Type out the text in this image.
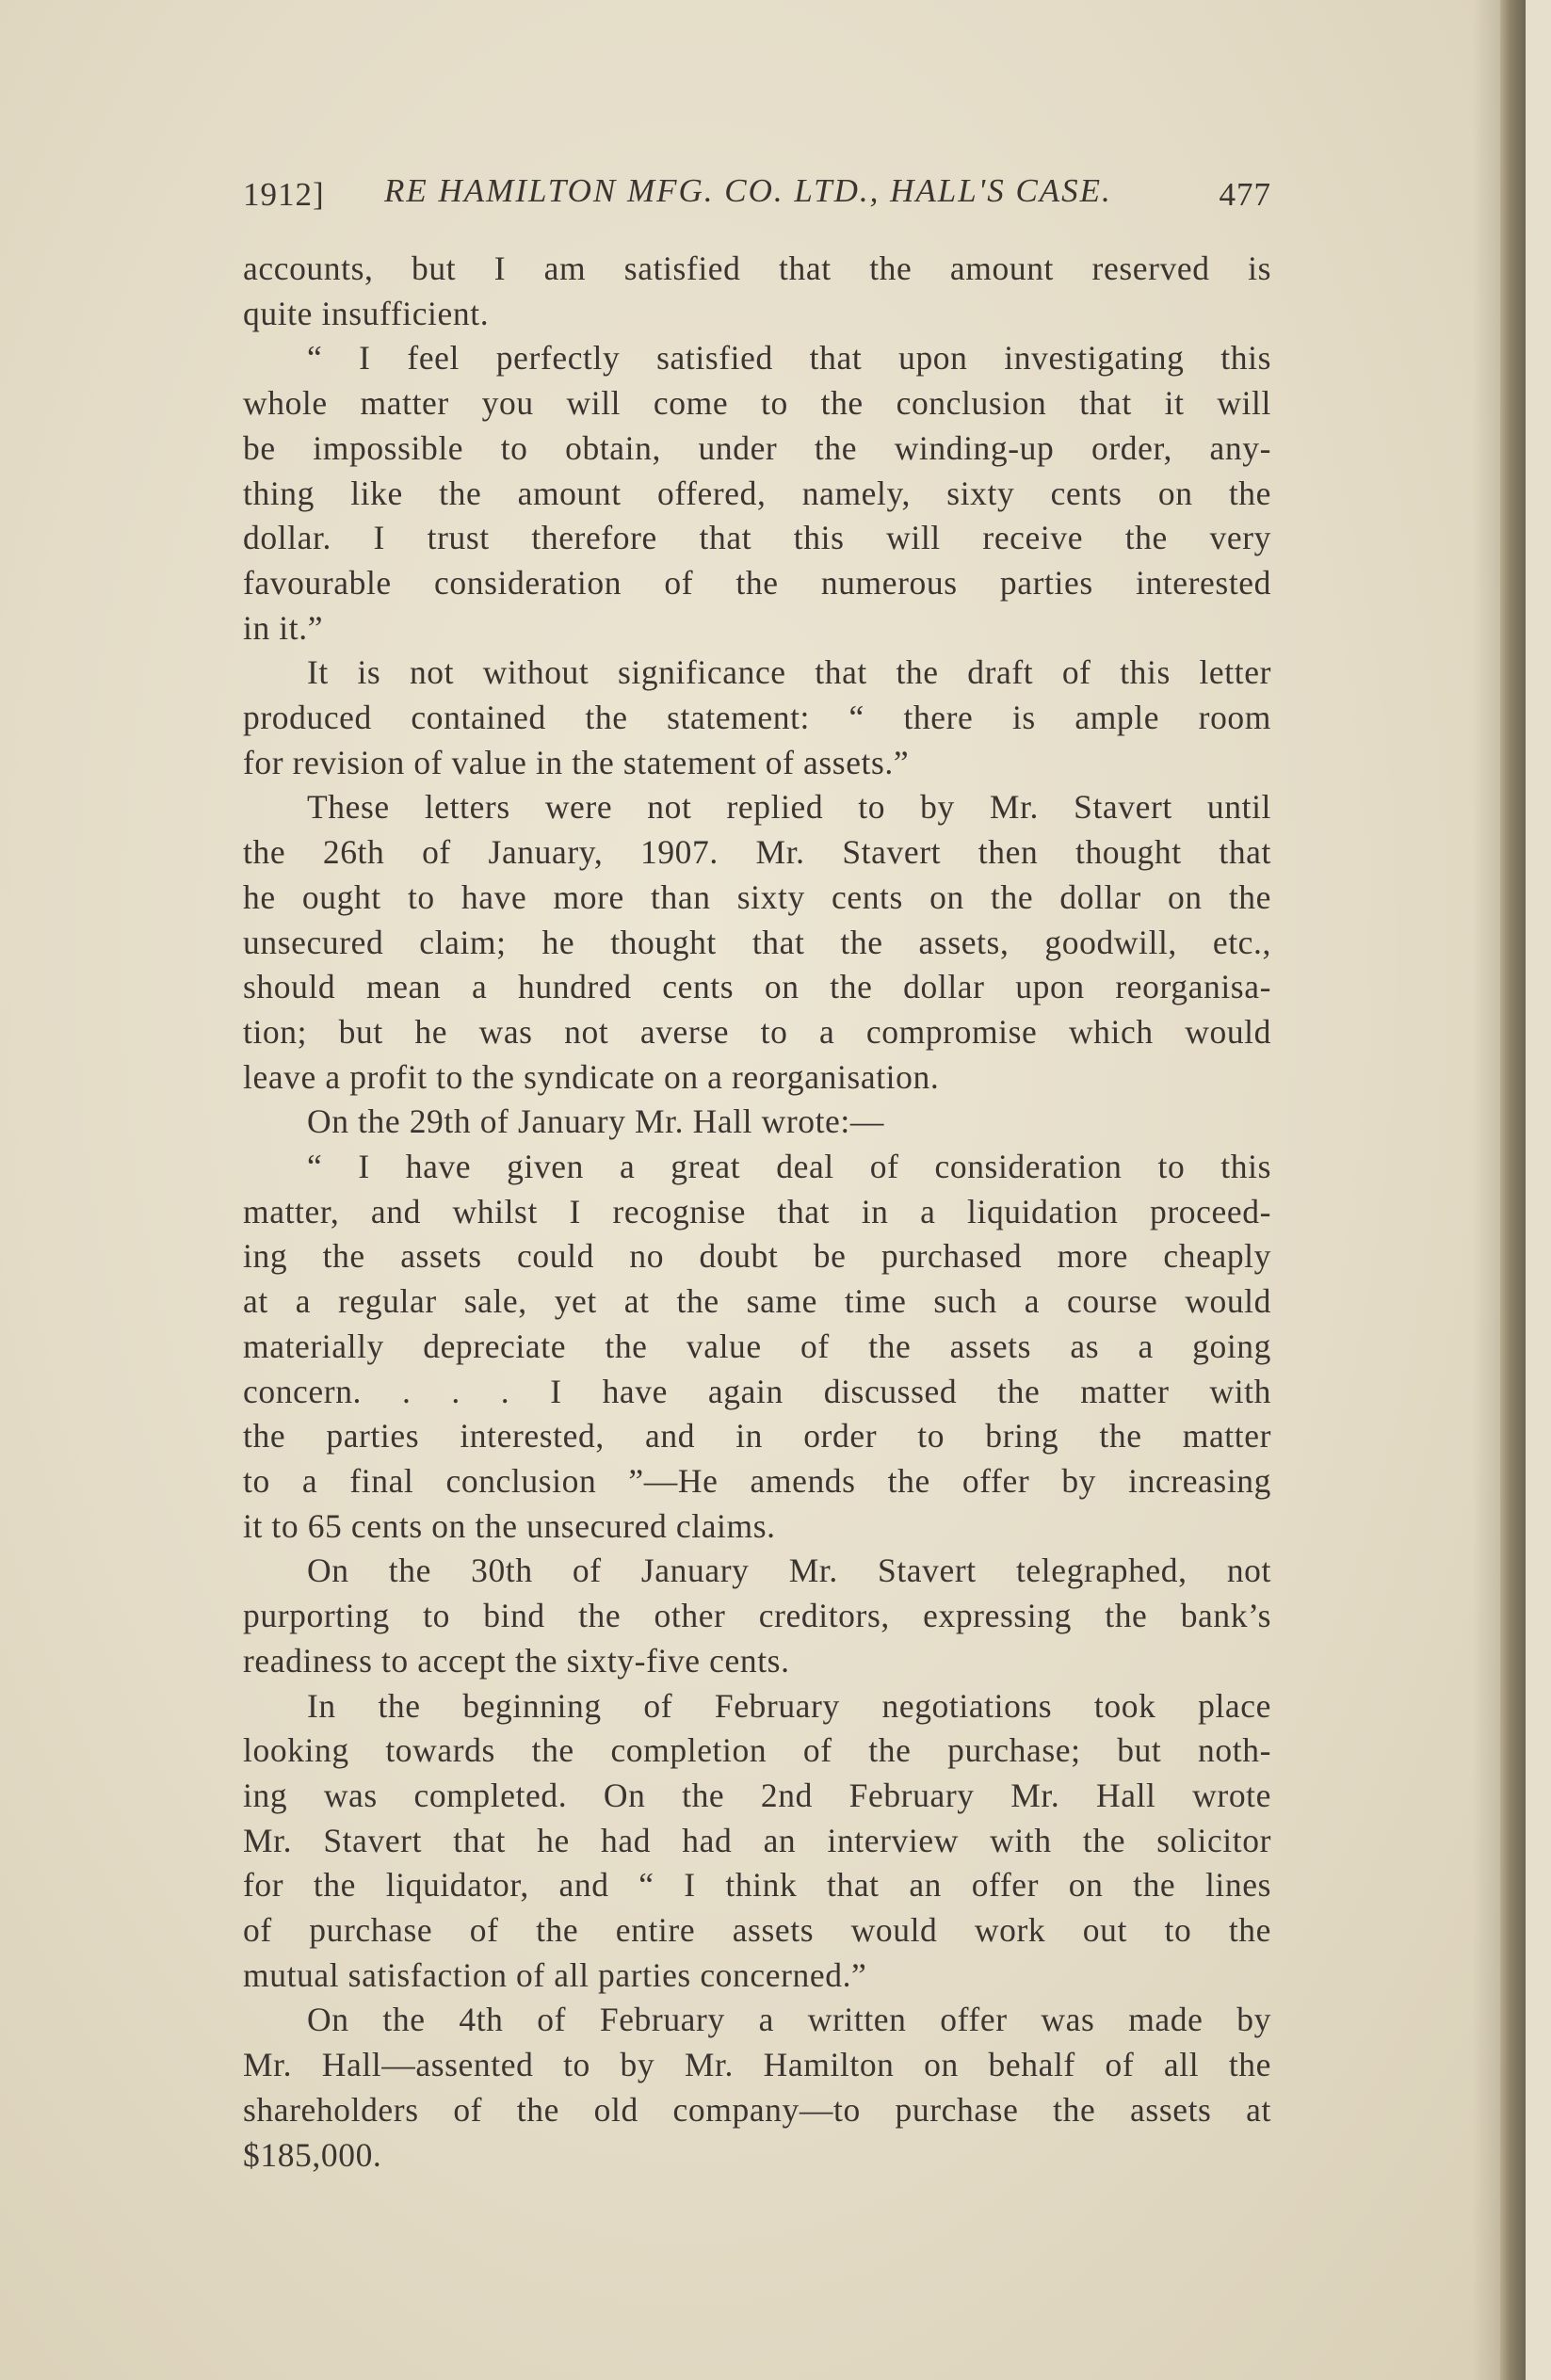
1912] RE HAMILTON MFG. CO. LTD., HALL'S CASE.	477

accounts, but I am satisfied that the amount reserved is
quite insufficient.

“ I feel perfectly satisfied that upon investigating this
whole matter you will come to the conclusion that it will
be impossible to obtain, under the winding-up order, any-
thing like the amount offered, namely, sixty cents on the
dollar. I trust therefore that this will receive the very
favourable consideration of the numerous parties interested
in it.”

It is not without significance that the draft of this letter
produced contained the statement: “ there is ample room
for revision of value in the statement of assets.”

These letters were not replied to by Mr. Stavert until
the 26th of January, 1907. Mr. Stavert then thought that
he ought to have more than sixty cents on the dollar on the
unsecured claim; he thought that the assets, goodwill, etc.,
should mean a hundred cents on the dollar upon reorganisa-
tion; but he was not averse to a compromise which would
leave a profit to the syndicate on a reorganisation.

On the 29th of January Mr. Hall wrote:—

“ I have given a great deal of consideration to this
matter, and whilst I recognise that in a liquidation proceed-
ing the assets could no doubt be purchased more cheaply
at a regular sale, yet at the same time such a course would
materially depreciate the value of the assets as a going
concern. . . . I have again discussed the matter with
the parties interested, and in order to bring the matter
to a final conclusion ”—He amends the offer by increasing
it to 65 cents on the unsecured claims.

On the 30th of January Mr. Stavert telegraphed, not
purporting to bind the other creditors, expressing the bank’s
readiness to accept the sixty-five cents.

In the beginning of February negotiations took place
looking towards the completion of the purchase; but noth-
ing was completed. On the 2nd February Mr. Hall wrote
Mr. Stavert that he had had an interview with the solicitor
for the liquidator, and “ I think that an offer on the lines
of purchase of the entire assets would work out to the
mutual satisfaction of all parties concerned.”

On the 4th of February a written offer was made by
Mr. Hall—assented to by Mr. Hamilton on behalf of all the
shareholders of the old company—to purchase the assets at
$185,000.
